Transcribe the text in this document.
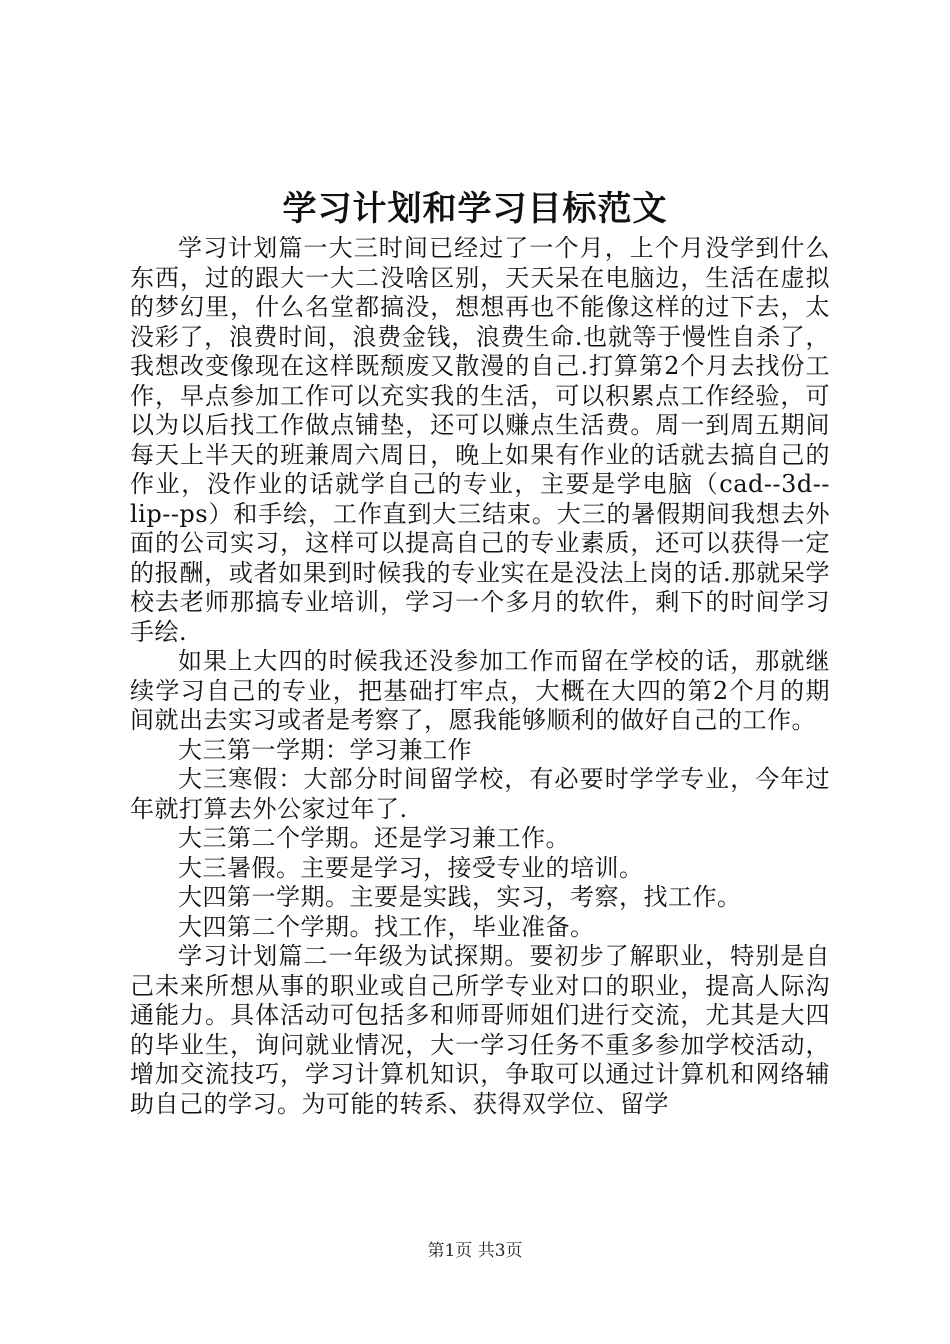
学习计划和学习目标范文

学习计划篇一大三时间已经过了一个月，上个月没学到什么东西，过的跟大一大二没啥区别，天天呆在电脑边，生活在虚拟的梦幻里，什么名堂都搞没，想想再也不能像这样的过下去，太没彩了，浪费时间，浪费金钱，浪费生命.也就等于慢性自杀了，我想改变像现在这样既颓废又散漫的自己.打算第2个月去找份工作，早点参加工作可以充实我的生活，可以积累点工作经验，可以为以后找工作做点铺垫，还可以赚点生活费。周一到周五期间每天上半天的班兼周六周日，晚上如果有作业的话就去搞自己的作业，没作业的话就学自己的专业，主要是学电脑（cad--3d--lip--ps）和手绘，工作直到大三结束。大三的暑假期间我想去外面的公司实习，这样可以提高自己的专业素质，还可以获得一定的报酬，或者如果到时候我的专业实在是没法上岗的话.那就呆学校去老师那搞专业培训，学习一个多月的软件，剩下的时间学习手绘.

如果上大四的时候我还没参加工作而留在学校的话，那就继续学习自己的专业，把基础打牢点，大概在大四的第2个月的期间就出去实习或者是考察了，愿我能够顺利的做好自己的工作。

大三第一学期：学习兼工作

大三寒假：大部分时间留学校，有必要时学学专业，今年过年就打算去外公家过年了.

大三第二个学期。还是学习兼工作。

大三暑假。主要是学习，接受专业的培训。

大四第一学期。主要是实践，实习，考察，找工作。

大四第二个学期。找工作，毕业准备。

学习计划篇二一年级为试探期。要初步了解职业，特别是自己未来所想从事的职业或自己所学专业对口的职业，提高人际沟通能力。具体活动可包括多和师哥师姐们进行交流，尤其是大四的毕业生，询问就业情况，大一学习任务不重多参加学校活动，增加交流技巧，学习计算机知识，争取可以通过计算机和网络辅助自己的学习。为可能的转系、获得双学位、留学

第1页 共3页
